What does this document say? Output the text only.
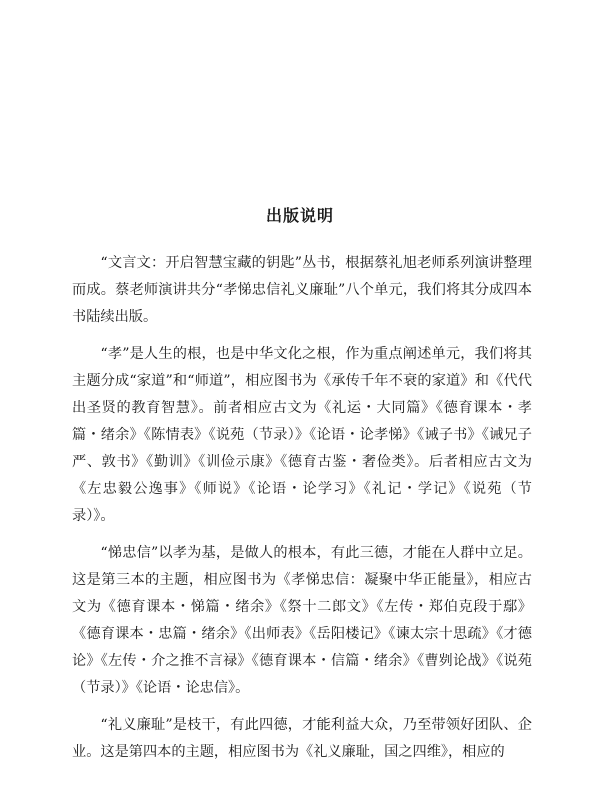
出版说明

“文言文：开启智慧宝藏的钥匙”丛书，根据蔡礼旭老师系列演讲整理而成。蔡老师演讲共分“孝悌忠信礼义廉耻”八个单元，我们将其分成四本书陆续出版。

“孝”是人生的根，也是中华文化之根，作为重点阐述单元，我们将其主题分成“家道”和“师道”，相应图书为《承传千年不衰的家道》和《代代出圣贤的教育智慧》。前者相应古文为《礼运・大同篇》《德育课本・孝篇・绪余》《陈情表》《说苑（节录）》《论语・论孝悌》《诫子书》《诫兄子严、敦书》《勤训》《训俭示康》《德育古鉴・奢俭类》。后者相应古文为《左忠毅公逸事》《师说》《论语・论学习》《礼记・学记》《说苑（节录）》。

“悌忠信”以孝为基，是做人的根本，有此三德，才能在人群中立足。这是第三本的主题，相应图书为《孝悌忠信：凝聚中华正能量》，相应古文为《德育课本・悌篇・绪余》《祭十二郎文》《左传・郑伯克段于鄢》《德育课本・忠篇・绪余》《出师表》《岳阳楼记》《谏太宗十思疏》《才德论》《左传・介之推不言禄》《德育课本・信篇・绪余》《曹刿论战》《说苑（节录）》《论语・论忠信》。

“礼义廉耻”是枝干，有此四德，才能利益大众，乃至带领好团队、企业。这是第四本的主题，相应图书为《礼义廉耻，国之四维》，相应的
